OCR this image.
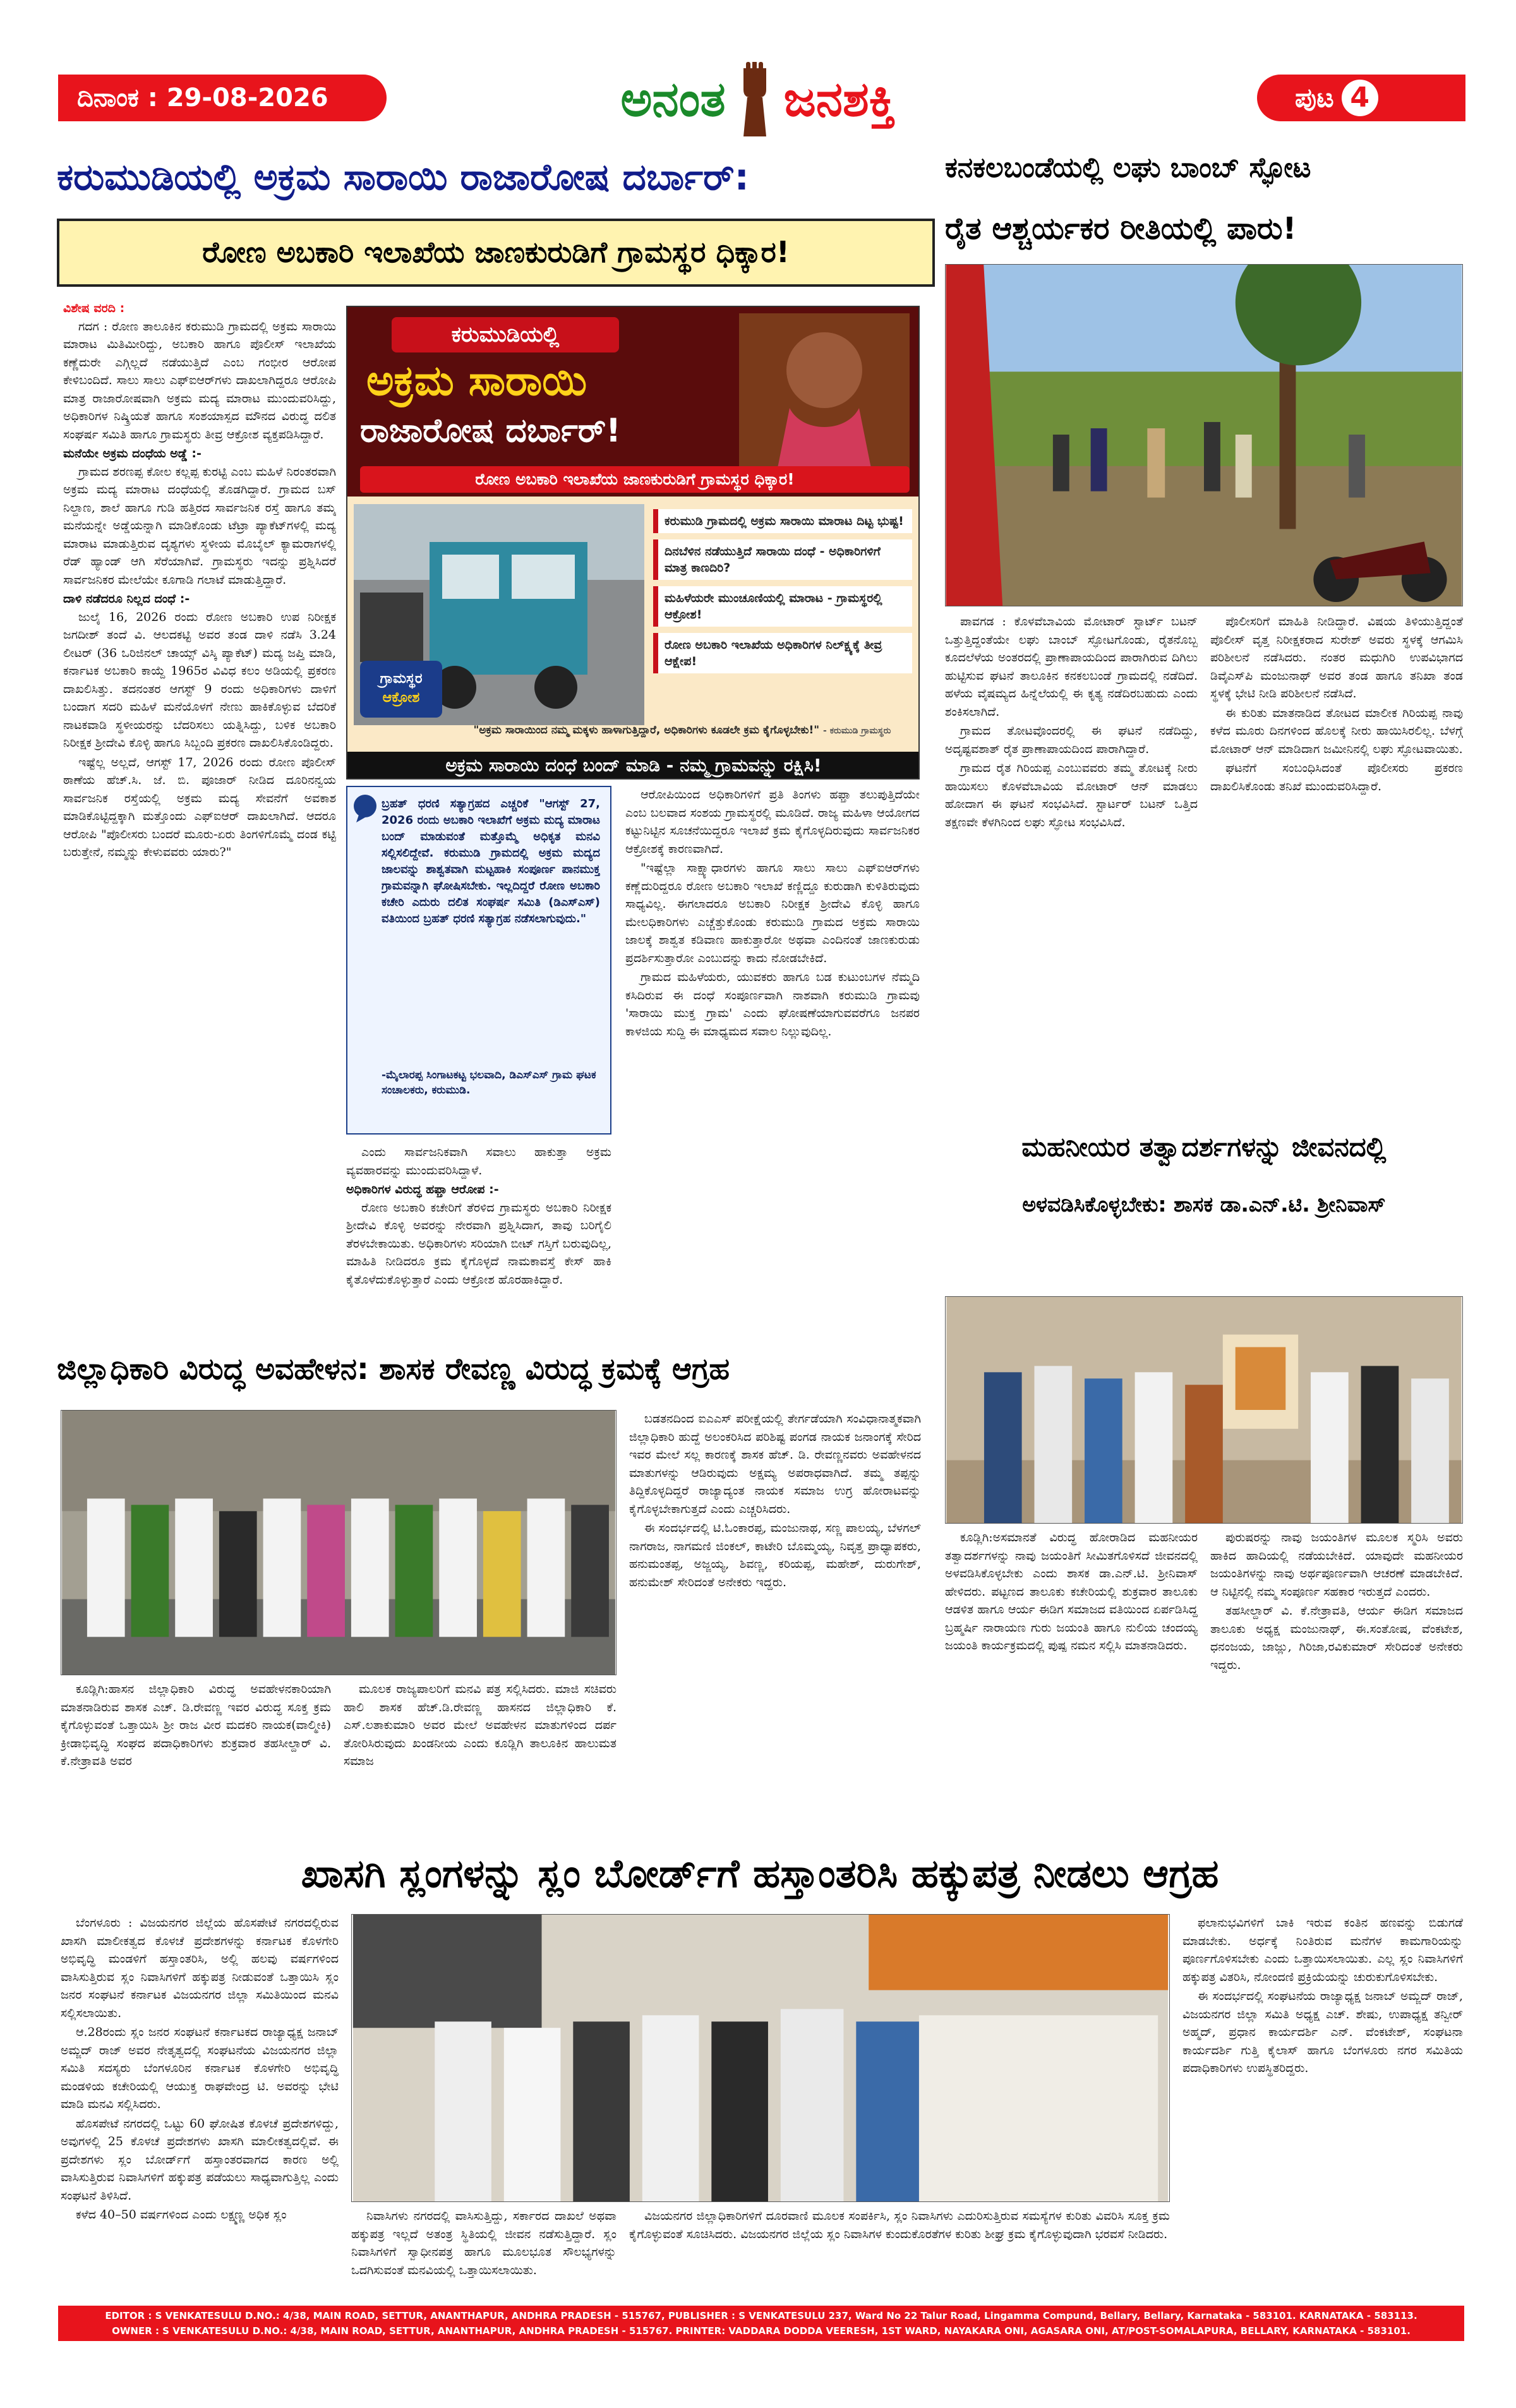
ದಿನಾಂಕ : 29-08-2026	ಅನಂತ ಜನಶಕ್ತಿ	ಪುಟ 4
ಕರುಮುಡಿಯಲ್ಲಿ ಅಕ್ರಮ ಸಾರಾಯಿ ರಾಜಾರೋಷ ದರ್ಬಾರ್:
ರೋಣ ಅಬಕಾರಿ ಇಲಾಖೆಯ ಜಾಣಕುರುಡಿಗೆ ಗ್ರಾಮಸ್ಥರ ಧಿಕ್ಕಾರ!
ವಿಶೇಷ ವರದಿ :

ಗದಗ : ರೋಣ ತಾಲೂಕಿನ ಕರುಮುಡಿ ಗ್ರಾಮದಲ್ಲಿ ಅಕ್ರಮ ಸಾರಾಯಿ ಮಾರಾಟ ಮಿತಿಮೀರಿದ್ದು, ಅಬಕಾರಿ ಹಾಗೂ ಪೊಲೀಸ್ ಇಲಾಖೆಯ ಕಣ್ಣೆದುರೇ ಎಗ್ಗಿಲ್ಲದೆ ನಡೆಯುತ್ತಿದೆ ಎಂಬ ಗಂಭೀರ ಆರೋಪ ಕೇಳಿಬಂದಿದೆ. ಸಾಲು ಸಾಲು ಎಫ್‌ಐಆರ್‌ಗಳು ದಾಖಲಾಗಿದ್ದರೂ ಆರೋಪಿ ಮಾತ್ರ ರಾಜಾರೋಷವಾಗಿ ಅಕ್ರಮ ಮದ್ಯ ಮಾರಾಟ ಮುಂದುವರಿಸಿದ್ದು, ಅಧಿಕಾರಿಗಳ ನಿಷ್ಕ್ರಿಯತೆ ಹಾಗೂ ಸಂಶಯಾಸ್ಪದ ಮೌನದ ವಿರುದ್ಧ ದಲಿತ ಸಂಘರ್ಷ ಸಮಿತಿ ಹಾಗೂ ಗ್ರಾಮಸ್ಥರು ತೀವ್ರ ಆಕ್ರೋಶ ವ್ಯಕ್ತಪಡಿಸಿದ್ದಾರೆ.

ಮನೆಯೇ ಅಕ್ರಮ ದಂಧೆಯ ಅಡ್ಡೆ :-

ಗ್ರಾಮದ ಶರಣಪ್ಪ ಕೋಲ ಕಲ್ಲಪ್ಪ ಕುರಟ್ಟಿ ಎಂಬ ಮಹಿಳೆ ನಿರಂತರವಾಗಿ ಅಕ್ರಮ ಮದ್ಯ ಮಾರಾಟ ದಂಧೆಯಲ್ಲಿ ತೊಡಗಿದ್ದಾರೆ. ಗ್ರಾಮದ ಬಸ್ ನಿಲ್ದಾಣ, ಶಾಲೆ ಹಾಗೂ ಗುಡಿ ಹತ್ತಿರದ ಸಾರ್ವಜನಿಕ ರಸ್ತೆ ಹಾಗೂ ತಮ್ಮ ಮನೆಯನ್ನೇ ಅಡ್ಡೆಯನ್ನಾಗಿ ಮಾಡಿಕೊಂಡು ಟೆಟ್ರಾ ಪ್ಯಾಕೆಟ್‌ಗಳಲ್ಲಿ ಮದ್ಯ ಮಾರಾಟ ಮಾಡುತ್ತಿರುವ ದೃಶ್ಯಗಳು ಸ್ಥಳೀಯ ಮೊಬೈಲ್ ಕ್ಯಾಮರಾಗಳಲ್ಲಿ ರೆಡ್ ಹ್ಯಾಂಡ್ ಆಗಿ ಸೆರೆಯಾಗಿವೆ. ಗ್ರಾಮಸ್ಥರು ಇದನ್ನು ಪ್ರಶ್ನಿಸಿದರೆ ಸಾರ್ವಜನಿಕರ ಮೇಲೆಯೇ ಕೂಗಾಡಿ ಗಲಾಟೆ ಮಾಡುತ್ತಿದ್ದಾರೆ.

ದಾಳಿ ನಡೆದರೂ ನಿಲ್ಲದ ದಂಧೆ :-

ಜುಲೈ 16, 2026 ರಂದು ರೋಣ ಅಬಕಾರಿ ಉಪ ನಿರೀಕ್ಷಕ ಜಗದೀಶ್ ತಂದೆ ವಿ. ಆಲದಕಟ್ಟಿ ಅವರ ತಂಡ ದಾಳಿ ನಡೆಸಿ 3.24 ಲೀಟರ್ (36 ಒರಿಜಿನಲ್ ಚಾಯ್ಸ್ ವಿಸ್ಕಿ ಪ್ಯಾಕೆಟ್) ಮದ್ಯ ಜಪ್ತಿ ಮಾಡಿ, ಕರ್ನಾಟಕ ಅಬಕಾರಿ ಕಾಯ್ದೆ 1965ರ ವಿವಿಧ ಕಲಂ ಅಡಿಯಲ್ಲಿ ಪ್ರಕರಣ ದಾಖಲಿಸಿತ್ತು. ತದನಂತರ ಆಗಸ್ಟ್ 9 ರಂದು ಅಧಿಕಾರಿಗಳು ದಾಳಿಗೆ ಬಂದಾಗ ಸದರಿ ಮಹಿಳೆ ಮನೆಯೊಳಗೆ ನೇಣು ಹಾಕಿಕೊಳ್ಳುವ ಬೆದರಿಕೆ ನಾಟಕವಾಡಿ ಸ್ಥಳೀಯರನ್ನು ಬೆದರಿಸಲು ಯತ್ನಿಸಿದ್ದು, ಬಳಿಕ ಅಬಕಾರಿ ನಿರೀಕ್ಷಕ ಶ್ರೀದೇವಿ ಕೊಳ್ಳಿ ಹಾಗೂ ಸಿಬ್ಬಂದಿ ಪ್ರಕರಣ ದಾಖಲಿಸಿಕೊಂಡಿದ್ದರು.

ಇಷ್ಟೆಲ್ಲ ಅಲ್ಲದೆ, ಆಗಸ್ಟ್ 17, 2026 ರಂದು ರೋಣ ಪೊಲೀಸ್ ಠಾಣೆಯ ಹೆಚ್.ಸಿ. ಜೆ. ಬಿ. ಪೂಜಾರ್ ನೀಡಿದ ದೂರಿನನ್ವಯ ಸಾರ್ವಜನಿಕ ರಸ್ತೆಯಲ್ಲಿ ಅಕ್ರಮ ಮದ್ಯ ಸೇವನೆಗೆ ಅವಕಾಶ ಮಾಡಿಕೊಟ್ಟಿದ್ದಕ್ಕಾಗಿ ಮತ್ತೊಂದು ಎಫ್‌ಐಆರ್ ದಾಖಲಾಗಿದೆ. ಆದರೂ ಆರೋಪಿ "ಪೊಲೀಸರು ಬಂದರೆ ಮೂರು-ಏರು ತಿಂಗಳಿಗೊಮ್ಮೆ ದಂಡ ಕಟ್ಟಿ ಬರುತ್ತೇನೆ, ನಮ್ಮನ್ನು ಕೇಳುವವರು ಯಾರು?"

ಕರುಮುಡಿಯಲ್ಲಿ
ಅಕ್ರಮ ಸಾರಾಯಿ
ರಾಜಾರೋಷ ದರ್ಬಾರ್!
ರೋಣ ಅಬಕಾರಿ ಇಲಾಖೆಯ ಜಾಣಕುರುಡಿಗೆ ಗ್ರಾಮಸ್ಥರ ಧಿಕ್ಕಾರ!
ಗ್ರಾಮಸ್ಥರ
ಆಕ್ರೋಶ
ಕರುಮುಡಿ ಗ್ರಾಮದಲ್ಲಿ ಅಕ್ರಮ ಸಾರಾಯಿ ಮಾರಾಟ ದಿಟ್ಟ ಭುಷ್ಟ!
ದಿನಬೆಳಿನ ನಡೆಯುತ್ತಿದೆ ಸಾರಾಯಿ ದಂಧೆ - ಅಧಿಕಾರಿಗಳಿಗೆ ಮಾತ್ರ ಕಾಣದಿರಿ?
ಮಹಿಳೆಯರೇ ಮುಂಚೂಣಿಯಲ್ಲಿ ಮಾರಾಟ - ಗ್ರಾಮಸ್ಥರಲ್ಲಿ ಆಕ್ರೋಶ!
ರೋಣ ಅಬಕಾರಿ ಇಲಾಖೆಯ ಅಧಿಕಾರಿಗಳ ನಿಲ್ಕ್ಷ್ಯಕ್ಕೆ ತೀವ್ರ ಆಕ್ಷೇಪ!
"ಅಕ್ರಮ ಸಾರಾಯಿಂದ ನಮ್ಮ ಮಕ್ಕಳು ಹಾಳಾಗುತ್ತಿದ್ದಾರೆ, ಅಧಿಕಾರಿಗಳು ಕೂಡಲೇ ಕ್ರಮ ಕೈಗೊಳ್ಳಬೇಕು!" - ಕರುಮುಡಿ ಗ್ರಾಮಸ್ಥರು
ಅಕ್ರಮ ಸಾರಾಯಿ ದಂಧೆ ಬಂದ್ ಮಾಡಿ - ನಮ್ಮ ಗ್ರಾಮವನ್ನು ರಕ್ಷಿಸಿ!
ಬ್ರಹತ್ ಧರಣಿ ಸತ್ಯಾಗ್ರಹದ ಎಚ್ಚರಿಕೆ "ಆಗಸ್ಟ್ 27, 2026 ರಂದು ಅಬಕಾರಿ ಇಲಾಖೆಗೆ ಅಕ್ರಮ ಮದ್ಯ ಮಾರಾಟ ಬಂದ್ ಮಾಡುವಂತೆ ಮತ್ತೊಮ್ಮೆ ಅಧಿಕೃತ ಮನವಿ ಸಲ್ಲಿಸಲಿದ್ದೇವೆ. ಕರುಮುಡಿ ಗ್ರಾಮದಲ್ಲಿ ಅಕ್ರಮ ಮದ್ಯದ ಜಾಲವನ್ನು ಶಾಶ್ವತವಾಗಿ ಮಟ್ಟಹಾಕಿ ಸಂಪೂರ್ಣ ಪಾನಮುಕ್ತ ಗ್ರಾಮವನ್ನಾಗಿ ಘೋಷಿಸಬೇಕು. ಇಲ್ಲದಿದ್ದರೆ ರೋಣ ಅಬಕಾರಿ ಕಚೇರಿ ಎದುರು ದಲಿತ ಸಂಘರ್ಷ ಸಮಿತಿ (ಡಿಎಸ್‌ಎಸ್) ವತಿಯಿಂದ ಬ್ರಹತ್ ಧರಣಿ ಸತ್ಯಾಗ್ರಹ ನಡೆಸಲಾಗುವುದು."
-ಮೈಲಾರಪ್ಪ ಸಿಂಗಾಟಕಟ್ಟ ಭಲವಾದಿ, ಡಿಎಸ್‌ಎಸ್ ಗ್ರಾಮ ಘಟಕ ಸಂಚಾಲಕರು, ಕರುಮುಡಿ.

ಎಂದು ಸಾರ್ವಜನಿಕವಾಗಿ ಸವಾಲು ಹಾಕುತ್ತಾ ಅಕ್ರಮ ವ್ಯವಹಾರವನ್ನು ಮುಂದುವರಿಸಿದ್ದಾಳೆ.

ಅಧಿಕಾರಿಗಳ ವಿರುದ್ಧ ಹಫ್ತಾ ಆರೋಪ :-

ರೋಣ ಅಬಕಾರಿ ಕಚೇರಿಗೆ ತೆರಳಿದ ಗ್ರಾಮಸ್ಥರು ಅಬಕಾರಿ ನಿರೀಕ್ಷಕ ಶ್ರೀದೇವಿ ಕೊಳ್ಳಿ ಅವರನ್ನು ನೇರವಾಗಿ ಪ್ರಶ್ನಿಸಿದಾಗ, ತಾವು ಬರಿಗೈಲಿ ತೆರಳಬೇಕಾಯಿತು. ಅಧಿಕಾರಿಗಳು ಸರಿಯಾಗಿ ಬೀಟ್ ಗಸ್ತಿಗೆ ಬರುವುದಿಲ್ಲ, ಮಾಹಿತಿ ನೀಡಿದರೂ ಕ್ರಮ ಕೈಗೊಳ್ಳದೆ ನಾಮಕಾವಸ್ತೆ ಕೇಸ್ ಹಾಕಿ ಕೈತೊಳೆದುಕೊಳ್ಳುತ್ತಾರೆ ಎಂದು ಆಕ್ರೋಶ ಹೊರಹಾಕಿದ್ದಾರೆ.

ಆರೋಪಿಯಿಂದ ಅಧಿಕಾರಿಗಳಿಗೆ ಪ್ರತಿ ತಿಂಗಳು ಹಫ್ತಾ ತಲುಪುತ್ತಿದೆಯೇ ಎಂಬ ಬಲವಾದ ಸಂಶಯ ಗ್ರಾಮಸ್ಥರಲ್ಲಿ ಮೂಡಿದೆ. ರಾಜ್ಯ ಮಹಿಳಾ ಆಯೋಗದ ಕಟ್ಟುನಿಟ್ಟಿನ ಸೂಚನೆಯಿದ್ದರೂ ಇಲಾಖೆ ಕ್ರಮ ಕೈಗೊಳ್ಳದಿರುವುದು ಸಾರ್ವಜನಿಕರ ಆಕ್ರೋಶಕ್ಕೆ ಕಾರಣವಾಗಿದೆ.

"ಇಷ್ಟೆಲ್ಲಾ ಸಾಕ್ಷ್ಯಾಧಾರಗಳು ಹಾಗೂ ಸಾಲು ಸಾಲು ಎಫ್‌ಐಆರ್‌ಗಳು ಕಣ್ಣೆದುರಿದ್ದರೂ ರೋಣ ಅಬಕಾರಿ ಇಲಾಖೆ ಕಣ್ಣಿದ್ದೂ ಕುರುಡಾಗಿ ಕುಳಿತಿರುವುದು ಸಾಧ್ಯವಿಲ್ಲ. ಈಗಲಾದರೂ ಅಬಕಾರಿ ನಿರೀಕ್ಷಕ ಶ್ರೀದೇವಿ ಕೊಳ್ಳಿ ಹಾಗೂ ಮೇಲಧಿಕಾರಿಗಳು ಎಚ್ಚೆತ್ತುಕೊಂಡು ಕರುಮುಡಿ ಗ್ರಾಮದ ಅಕ್ರಮ ಸಾರಾಯಿ ಜಾಲಕ್ಕೆ ಶಾಶ್ವತ ಕಡಿವಾಣ ಹಾಕುತ್ತಾರೋ ಅಥವಾ ಎಂದಿನಂತೆ ಜಾಣಕುರುಡು ಪ್ರದರ್ಶಿಸುತ್ತಾರೋ ಎಂಬುದನ್ನು ಕಾದು ನೋಡಬೇಕಿದೆ.

ಗ್ರಾಮದ ಮಹಿಳೆಯರು, ಯುವಕರು ಹಾಗೂ ಬಡ ಕುಟುಂಬಗಳ ನೆಮ್ಮದಿ ಕಸಿದಿರುವ ಈ ದಂಧೆ ಸಂಪೂರ್ಣವಾಗಿ ನಾಶವಾಗಿ ಕರುಮುಡಿ ಗ್ರಾಮವು 'ಸಾರಾಯಿ ಮುಕ್ತ ಗ್ರಾಮ' ಎಂದು ಘೋಷಣೆಯಾಗುವವರೆಗೂ ಜನಪರ ಕಾಳಜಿಯ ಸುದ್ದಿ ಈ ಮಾಧ್ಯಮದ ಸವಾಲ ನಿಲ್ಲುವುದಿಲ್ಲ.

ಕನಕಲಬಂಡೆಯಲ್ಲಿ ಲಘು ಬಾಂಬ್ ಸ್ಫೋಟ
ರೈತ ಆಶ್ಚರ್ಯಕರ ರೀತಿಯಲ್ಲಿ ಪಾರು!

ಪಾವಗಡ : ಕೊಳವೆಬಾವಿಯ ಮೋಟಾರ್ ಸ್ಟಾರ್ಟ್ ಬಟನ್ ಒತ್ತುತ್ತಿದ್ದಂತೆಯೇ ಲಘು ಬಾಂಬ್ ಸ್ಫೋಟಗೊಂಡು, ರೈತನೊಬ್ಬ ಕೂದಲೆಳೆಯ ಅಂತರದಲ್ಲಿ ಪ್ರಾಣಾಪಾಯದಿಂದ ಪಾರಾಗಿರುವ ದಿಗಿಲು ಹುಟ್ಟಿಸುವ ಘಟನೆ ತಾಲೂಕಿನ ಕನಕಲಬಂಡೆ ಗ್ರಾಮದಲ್ಲಿ ನಡೆದಿದೆ. ಹಳೆಯ ವೈಷಮ್ಯದ ಹಿನ್ನೆಲೆಯಲ್ಲಿ ಈ ಕೃತ್ಯ ನಡೆದಿರಬಹುದು ಎಂದು ಶಂಕಿಸಲಾಗಿದೆ.

ಗ್ರಾಮದ ತೋಟವೊಂದರಲ್ಲಿ ಈ ಘಟನೆ ನಡೆದಿದ್ದು, ಅದೃಷ್ಟವಶಾತ್ ರೈತ ಪ್ರಾಣಾಪಾಯದಿಂದ ಪಾರಾಗಿದ್ದಾರೆ.

ಗ್ರಾಮದ ರೈತ ಗಿರಿಯಪ್ಪ ಎಂಬುವವರು ತಮ್ಮ ತೋಟಕ್ಕೆ ನೀರು ಹಾಯಿಸಲು ಕೊಳವೆಬಾವಿಯ ಮೋಟಾರ್ ಆನ್ ಮಾಡಲು ಹೋದಾಗ ಈ ಘಟನೆ ಸಂಭವಿಸಿದೆ. ಸ್ಟಾರ್ಟರ್ ಬಟನ್ ಒತ್ತಿದ ತಕ್ಷಣವೇ ಕೆಳಗಿನಿಂದ ಲಘು ಸ್ಫೋಟ ಸಂಭವಿಸಿದೆ.

ಪೊಲೀಸರಿಗೆ ಮಾಹಿತಿ ನೀಡಿದ್ದಾರೆ. ವಿಷಯ ತಿಳಿಯುತ್ತಿದ್ದಂತೆ ಪೊಲೀಸ್ ವೃತ್ತ ನಿರೀಕ್ಷಕರಾದ ಸುರೇಶ್ ಅವರು ಸ್ಥಳಕ್ಕೆ ಆಗಮಿಸಿ ಪರಿಶೀಲನೆ ನಡೆಸಿದರು. ನಂತರ ಮಧುಗಿರಿ ಉಪವಿಭಾಗದ ಡಿವೈಎಸ್‌ಪಿ ಮಂಜುನಾಥ್ ಅವರ ತಂಡ ಹಾಗೂ ತನಿಖಾ ತಂಡ ಸ್ಥಳಕ್ಕೆ ಭೇಟಿ ನೀಡಿ ಪರಿಶೀಲನೆ ನಡೆಸಿದೆ.

ಈ ಕುರಿತು ಮಾತನಾಡಿದ ತೋಟದ ಮಾಲೀಕ ಗಿರಿಯಪ್ಪ ನಾವು ಕಳೆದ ಮೂರು ದಿನಗಳಿಂದ ಹೊಲಕ್ಕೆ ನೀರು ಹಾಯಿಸಿರಲಿಲ್ಲ. ಬೆಳಗ್ಗೆ ಮೋಟಾರ್ ಆನ್ ಮಾಡಿದಾಗ ಜಮೀನಿನಲ್ಲಿ ಲಘು ಸ್ಫೋಟವಾಯಿತು.

ಘಟನೆಗೆ ಸಂಬಂಧಿಸಿದಂತೆ ಪೊಲೀಸರು ಪ್ರಕರಣ ದಾಖಲಿಸಿಕೊಂಡು ತನಿಖೆ ಮುಂದುವರಿಸಿದ್ದಾರೆ.

ಮಹನೀಯರ ತತ್ವಾದರ್ಶಗಳನ್ನು ಜೀವನದಲ್ಲಿ
ಅಳವಡಿಸಿಕೊಳ್ಳಬೇಕು: ಶಾಸಕ ಡಾ.ಎನ್.ಟಿ. ಶ್ರೀನಿವಾಸ್

ಕೂಡ್ಲಿಗಿ:ಅಸಮಾನತೆ ವಿರುದ್ಧ ಹೋರಾಡಿದ ಮಹನೀಯರ ತತ್ವಾದರ್ಶಗಳನ್ನು ನಾವು ಜಯಂತಿಗೆ ಸೀಮಿತಗೊಳಿಸದೆ ಜೀವನದಲ್ಲಿ ಅಳವಡಿಸಿಕೊಳ್ಳಬೇಕು ಎಂದು ಶಾಸಕ ಡಾ.ಎನ್.ಟಿ. ಶ್ರೀನಿವಾಸ್ ಹೇಳಿದರು. ಪಟ್ಟಣದ ತಾಲೂಕು ಕಚೇರಿಯಲ್ಲಿ ಶುಕ್ರವಾರ ತಾಲೂಕು ಆಡಳಿತ ಹಾಗೂ ಆರ್ಯ ಈಡಿಗ ಸಮಾಜದ ವತಿಯಿಂದ ಏರ್ಪಡಿಸಿದ್ದ ಬ್ರಹ್ಮರ್ಷಿ ನಾರಾಯಣ ಗುರು ಜಯಂತಿ ಹಾಗೂ ನುಲಿಯ ಚಂದಯ್ಯ ಜಯಂತಿ ಕಾರ್ಯಕ್ರಮದಲ್ಲಿ ಪುಷ್ಪ ನಮನ ಸಲ್ಲಿಸಿ ಮಾತನಾಡಿದರು.

ಪುರುಷರನ್ನು ನಾವು ಜಯಂತಿಗಳ ಮೂಲಕ ಸ್ಮರಿಸಿ ಅವರು ಹಾಕಿದ ಹಾದಿಯಲ್ಲಿ ನಡೆಯಬೇಕಿದೆ. ಯಾವುದೇ ಮಹನೀಯರ ಜಯಂತಿಗಳನ್ನು ನಾವು ಅರ್ಥಪೂರ್ಣವಾಗಿ ಆಚರಣೆ ಮಾಡಬೇಕಿದೆ. ಆ ನಿಟ್ಟಿನಲ್ಲಿ ನಮ್ಮ ಸಂಪೂರ್ಣ ಸಹಕಾರ ಇರುತ್ತದೆ ಎಂದರು.

ತಹಸೀಲ್ದಾರ್ ವಿ. ಕೆ.ನೇತ್ರಾವತಿ, ಆರ್ಯ ಈಡಿಗ ಸಮಾಜದ ತಾಲೂಕು ಅಧ್ಯಕ್ಷ ಮಂಜುನಾಥ್, ಈ.ಸಂತೋಷ, ವೆಂಕಟೇಶ, ಧನಂಜಯ, ಜಾಜ್ಲು, ಗಿರಿಜಾ,ರವಿಕುಮಾರ್ ಸೇರಿದಂತೆ ಅನೇಕರು ಇದ್ದರು.

ಜಿಲ್ಲಾಧಿಕಾರಿ ವಿರುದ್ಧ ಅವಹೇಳನ: ಶಾಸಕ ರೇವಣ್ಣ ವಿರುದ್ಧ ಕ್ರಮಕ್ಕೆ ಆಗ್ರಹ

ಕೂಡ್ಲಿಗಿ:ಹಾಸನ ಜಿಲ್ಲಾಧಿಕಾರಿ ವಿರುದ್ಧ ಅವಹೇಳನಕಾರಿಯಾಗಿ ಮಾತನಾಡಿರುವ ಶಾಸಕ ಎಚ್. ಡಿ.ರೇವಣ್ಣ ಇವರ ವಿರುದ್ಧ ಸೂಕ್ತ ಕ್ರಮ ಕೈಗೊಳ್ಳುವಂತೆ ಒತ್ತಾಯಿಸಿ ಶ್ರೀ ರಾಜ ವೀರ ಮದಕರಿ ನಾಯಕ(ವಾಲ್ಮೀಕಿ) ಕ್ರೀಡಾಭಿವೃದ್ಧಿ ಸಂಘದ ಪದಾಧಿಕಾರಿಗಳು ಶುಕ್ರವಾರ ತಹಸೀಲ್ದಾರ್ ವಿ. ಕೆ.ನೇತ್ರಾವತಿ ಅವರ

ಮೂಲಕ ರಾಜ್ಯಪಾಲರಿಗೆ ಮನವಿ ಪತ್ರ ಸಲ್ಲಿಸಿದರು. ಮಾಜಿ ಸಚಿವರು ಹಾಲಿ ಶಾಸಕ ಹೆಚ್.ಡಿ.ರೇವಣ್ಣ ಹಾಸನದ ಜಿಲ್ಲಾಧಿಕಾರಿ ಕೆ. ಎಸ್.ಲತಾಕುಮಾರಿ ಅವರ ಮೇಲೆ ಅವಹೇಳನ ಮಾತುಗಳಿಂದ ದರ್ಪ ತೋರಿಸಿರುವುದು ಖಂಡನೀಯ ಎಂದು ಕೂಡ್ಲಿಗಿ ತಾಲೂಕಿನ ಹಾಲುಮತ ಸಮಾಜ

ಬಡತನದಿಂದ ಐಎಎಸ್ ಪರೀಕ್ಷೆಯಲ್ಲಿ ತೇರ್ಗಡೆಯಾಗಿ ಸಂವಿಧಾನಾತ್ಮಕವಾಗಿ ಜಿಲ್ಲಾಧಿಕಾರಿ ಹುದ್ದೆ ಅಲಂಕರಿಸಿದ ಪರಿಶಿಷ್ಟ ಪಂಗಡ ನಾಯಕ ಜನಾಂಗಕ್ಕೆ ಸೇರಿದ ಇವರ ಮೇಲೆ ಸಲ್ಲ ಕಾರಣಕ್ಕೆ ಶಾಸಕ ಹೆಚ್. ಡಿ. ರೇವಣ್ಣನವರು ಅವಹೇಳನದ ಮಾತುಗಳನ್ನು ಆಡಿರುವುದು ಅಕ್ಷಮ್ಯ ಅಪರಾಧವಾಗಿದೆ. ತಮ್ಮ ತಪ್ಪನ್ನು ತಿದ್ದಿಕೊಳ್ಳದಿದ್ದರೆ ರಾಜ್ಯಾದ್ಯಂತ ನಾಯಕ ಸಮಾಜ ಉಗ್ರ ಹೋರಾಟವನ್ನು ಕೈಗೊಳ್ಳಬೇಕಾಗುತ್ತದೆ ಎಂದು ಎಚ್ಚರಿಸಿದರು.

ಈ ಸಂದರ್ಭದಲ್ಲಿ ಟಿ.ಓಂಕಾರಪ್ಪ, ಮಂಜುನಾಥ, ಸಣ್ಣ ಪಾಲಯ್ಯ, ಬೆಳಗಲ್ ನಾಗರಾಜ, ನಾಗಮಣಿ ಜಿಂಕಲ್, ಕಾಟೇರಿ ಬೊಮ್ಮಯ್ಯ, ನಿವೃತ್ತ ಪ್ರಾಧ್ಯಾಪಕರು, ಹನುಮಂತಪ್ಪ, ಅಜ್ಜಯ್ಯ, ಶಿವಣ್ಣ, ಕರಿಯಪ್ಪ, ಮಹೇಶ್, ದುರುಗೇಶ್, ಹನುಮೇಶ್ ಸೇರಿದಂತೆ ಅನೇಕರು ಇದ್ದರು.

ಖಾಸಗಿ ಸ್ಲಂಗಳನ್ನು ಸ್ಲಂ ಬೋರ್ಡ್‌ಗೆ ಹಸ್ತಾಂತರಿಸಿ ಹಕ್ಕುಪತ್ರ ನೀಡಲು ಆಗ್ರಹ

ಬೆಂಗಳೂರು : ವಿಜಯನಗರ ಜಿಲ್ಲೆಯ ಹೊಸಪೇಟೆ ನಗರದಲ್ಲಿರುವ ಖಾಸಗಿ ಮಾಲೀಕತ್ವದ ಕೊಳಚೆ ಪ್ರದೇಶಗಳನ್ನು ಕರ್ನಾಟಕ ಕೊಳಗೇರಿ ಅಭಿವೃದ್ಧಿ ಮಂಡಳಿಗೆ ಹಸ್ತಾಂತರಿಸಿ, ಅಲ್ಲಿ ಹಲವು ವರ್ಷಗಳಿಂದ ವಾಸಿಸುತ್ತಿರುವ ಸ್ಲಂ ನಿವಾಸಿಗಳಿಗೆ ಹಕ್ಕುಪತ್ರ ನೀಡುವಂತೆ ಒತ್ತಾಯಿಸಿ ಸ್ಲಂ ಜನರ ಸಂಘಟನೆ ಕರ್ನಾಟಕ ವಿಜಯನಗರ ಜಿಲ್ಲಾ ಸಮಿತಿಯಿಂದ ಮನವಿ ಸಲ್ಲಿಸಲಾಯಿತು.

ಆ.28ರಂದು ಸ್ಲಂ ಜನರ ಸಂಘಟನೆ ಕರ್ನಾಟಕದ ರಾಜ್ಯಾಧ್ಯಕ್ಷ ಜನಾಬ್ ಅಮ್ಜದ್ ರಾಜ್ ಅವರ ನೇತೃತ್ವದಲ್ಲಿ ಸಂಘಟನೆಯ ವಿಜಯನಗರ ಜಿಲ್ಲಾ ಸಮಿತಿ ಸದಸ್ಯರು ಬೆಂಗಳೂರಿನ ಕರ್ನಾಟಕ ಕೊಳಗೇರಿ ಅಭಿವೃದ್ಧಿ ಮಂಡಳಿಯ ಕಚೇರಿಯಲ್ಲಿ ಆಯುಕ್ತ ರಾಘವೇಂದ್ರ ಟಿ. ಅವರನ್ನು ಭೇಟಿ ಮಾಡಿ ಮನವಿ ಸಲ್ಲಿಸಿದರು.

ಹೊಸಪೇಟೆ ನಗರದಲ್ಲಿ ಒಟ್ಟು 60 ಘೋಷಿತ ಕೊಳಚೆ ಪ್ರದೇಶಗಳಿದ್ದು, ಅವುಗಳಲ್ಲಿ 25 ಕೊಳಚೆ ಪ್ರದೇಶಗಳು ಖಾಸಗಿ ಮಾಲೀಕತ್ವದಲ್ಲಿವೆ. ಈ ಪ್ರದೇಶಗಳು ಸ್ಲಂ ಬೋರ್ಡ್‌ಗೆ ಹಸ್ತಾಂತರವಾಗದ ಕಾರಣ ಅಲ್ಲಿ ವಾಸಿಸುತ್ತಿರುವ ನಿವಾಸಿಗಳಿಗೆ ಹಕ್ಕುಪತ್ರ ಪಡೆಯಲು ಸಾಧ್ಯವಾಗುತ್ತಿಲ್ಲ ಎಂದು ಸಂಘಟನೆ ತಿಳಿಸಿದೆ.

ಕಳೆದ 40–50 ವರ್ಷಗಳಿಂದ ಎಂದು ಲಕ್ಷ್ಮಣ್ಣ ಅಧಿಕ ಸ್ಲಂ	ನಿವಾಸಿಗಳು ನಗರದಲ್ಲಿ ವಾಸಿಸುತ್ತಿದ್ದು, ಸರ್ಕಾರದ ದಾಖಲೆ ಅಥವಾ ಹಕ್ಕುಪತ್ರ ಇಲ್ಲದೆ ಅತಂತ್ರ ಸ್ಥಿತಿಯಲ್ಲಿ ಜೀವನ ನಡೆಸುತ್ತಿದ್ದಾರೆ. ಸ್ಲಂ ನಿವಾಸಿಗಳಿಗೆ ಸ್ವಾಧೀನಪತ್ರ ಹಾಗೂ ಮೂಲಭೂತ ಸೌಲಭ್ಯಗಳನ್ನು ಒದಗಿಸುವಂತೆ ಮನವಿಯಲ್ಲಿ ಒತ್ತಾಯಿಸಲಾಯಿತು.

ವಿಜಯನಗರ ಜಿಲ್ಲಾಧಿಕಾರಿಗಳಿಗೆ ದೂರವಾಣಿ ಮೂಲಕ ಸಂಪರ್ಕಿಸಿ, ಸ್ಲಂ ನಿವಾಸಿಗಳು ಎದುರಿಸುತ್ತಿರುವ ಸಮಸ್ಯೆಗಳ ಕುರಿತು ವಿವರಿಸಿ ಸೂಕ್ತ ಕ್ರಮ ಕೈಗೊಳ್ಳುವಂತೆ ಸೂಚಿಸಿದರು. ವಿಜಯನಗರ ಜಿಲ್ಲೆಯ ಸ್ಲಂ ನಿವಾಸಿಗಳ ಕುಂದುಕೊರತೆಗಳ ಕುರಿತು ಶೀಘ್ರ ಕ್ರಮ ಕೈಗೊಳ್ಳುವುದಾಗಿ ಭರವಸೆ ನೀಡಿದರು.

ಫಲಾನುಭವಿಗಳಿಗೆ ಬಾಕಿ ಇರುವ ಕಂತಿನ ಹಣವನ್ನು ಬಿಡುಗಡೆ ಮಾಡಬೇಕು. ಅರ್ಧಕ್ಕೆ ನಿಂತಿರುವ ಮನೆಗಳ ಕಾಮಗಾರಿಯನ್ನು ಪೂರ್ಣಗೊಳಿಸಬೇಕು ಎಂದು ಒತ್ತಾಯಿಸಲಾಯಿತು. ಎಲ್ಲ ಸ್ಲಂ ನಿವಾಸಿಗಳಿಗೆ ಹಕ್ಕುಪತ್ರ ವಿತರಿಸಿ, ನೋಂದಣಿ ಪ್ರಕ್ರಿಯೆಯನ್ನು ಚುರುಕುಗೊಳಿಸಬೇಕು.

ಈ ಸಂದರ್ಭದಲ್ಲಿ ಸಂಘಟನೆಯ ರಾಜ್ಯಾಧ್ಯಕ್ಷ ಜನಾಬ್ ಅಮ್ಜದ್ ರಾಜ್, ವಿಜಯನಗರ ಜಿಲ್ಲಾ ಸಮಿತಿ ಅಧ್ಯಕ್ಷ ಎಚ್. ಶೇಷು, ಉಪಾಧ್ಯಕ್ಷ ತನ್ವೀರ್ ಅಹ್ಮದ್, ಪ್ರಧಾನ ಕಾರ್ಯದರ್ಶಿ ಎನ್. ವೆಂಕಟೇಶ್, ಸಂಘಟನಾ ಕಾರ್ಯದರ್ಶಿ ಗುತ್ತಿ ಕೈಲಾಸ್ ಹಾಗೂ ಬೆಂಗಳೂರು ನಗರ ಸಮಿತಿಯ ಪದಾಧಿಕಾರಿಗಳು ಉಪಸ್ಥಿತರಿದ್ದರು.

EDITOR : S VENKATESULU D.NO.: 4/38, MAIN ROAD, SETTUR, ANANTHAPUR, ANDHRA PRADESH - 515767, PUBLISHER : S VENKATESULU 237, Ward No 22 Talur Road, Lingamma Compund, Bellary, Bellary, Karnataka - 583101. KARNATAKA - 583113.
OWNER : S VENKATESULU D.NO.: 4/38, MAIN ROAD, SETTUR, ANANTHAPUR, ANDHRA PRADESH - 515767. PRINTER: VADDARA DODDA VEERESH, 1ST WARD, NAYAKARA ONI, AGASARA ONI, AT/POST-SOMALAPURA, BELLARY, KARNATAKA - 583101.
